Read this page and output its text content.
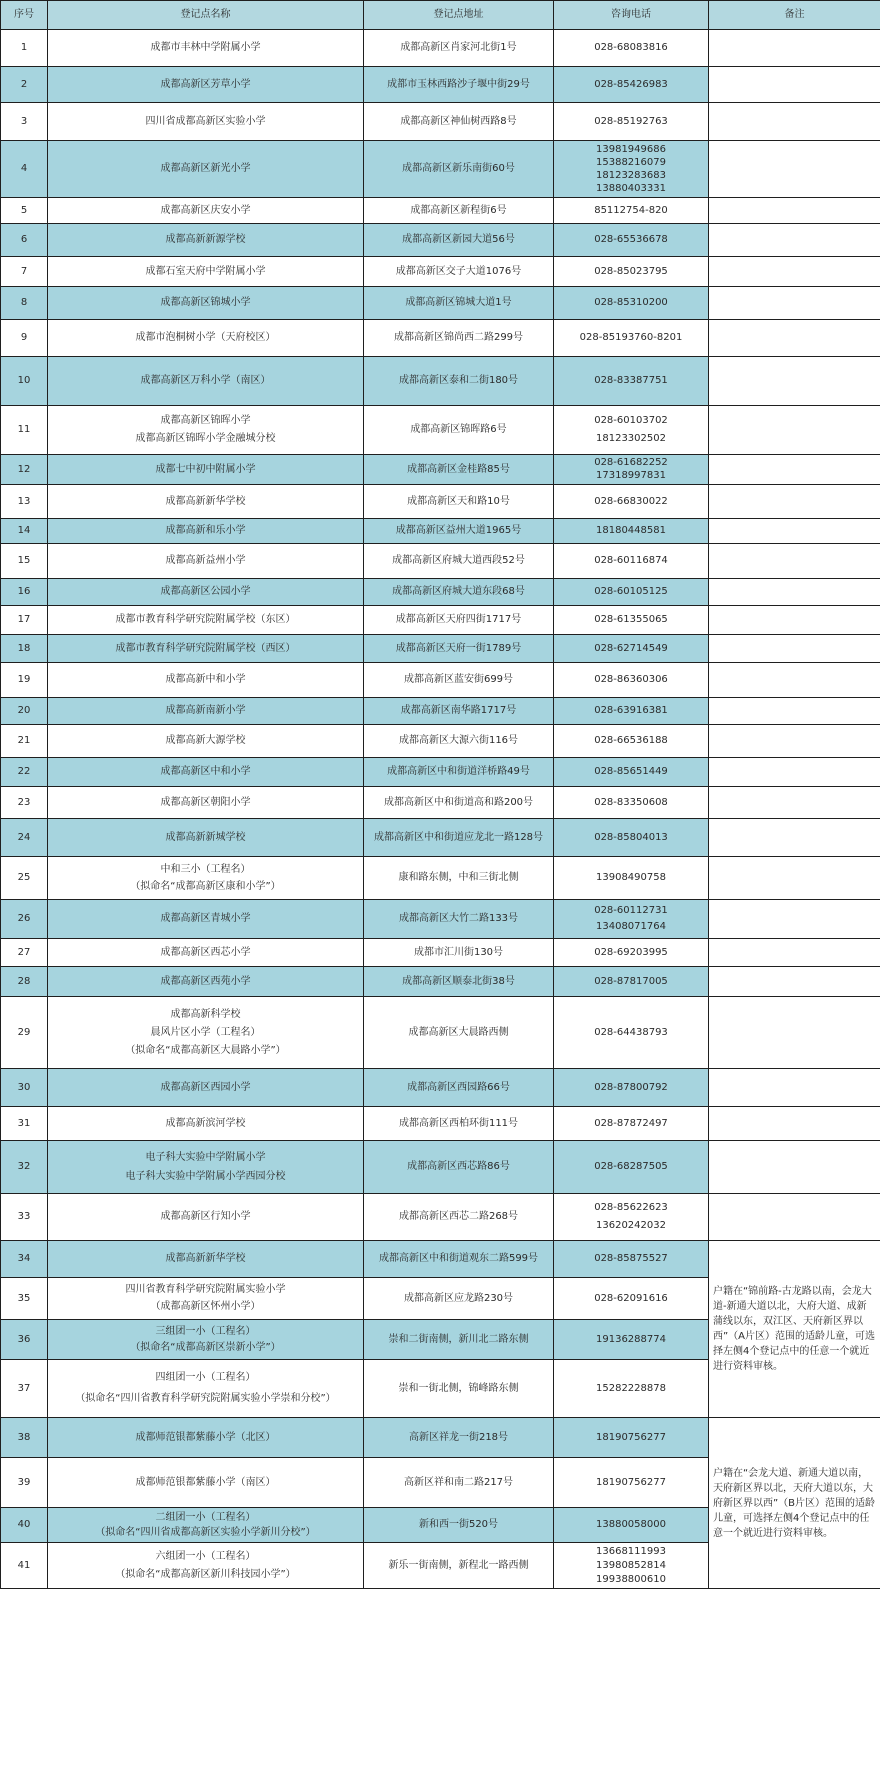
序号	登记点名称	登记点地址	咨询电话	备注
1	成都市丰林中学附属小学	成都高新区肖家河北街1号	028-68083816	

2	成都高新区芳草小学	成都市玉林西路沙子堰中街29号	028-85426983	

3	四川省成都高新区实验小学	成都高新区神仙树西路8号	028-85192763	

4	成都高新区新光小学	成都高新区新乐南街60号	13981949686
15388216079
18123283683
13880403331	

5	成都高新区庆安小学	成都高新区新程街6号	85112754-820	

6	成都高新新源学校	成都高新区新园大道56号	028-65536678	

7	成都石室天府中学附属小学	成都高新区交子大道1076号	028-85023795	

8	成都高新区锦城小学	成都高新区锦城大道1号	028-85310200	

9	成都市泡桐树小学（天府校区）	成都高新区锦尚西二路299号	028-85193760-8201	

10	成都高新区万科小学（南区）	成都高新区泰和二街180号	028-83387751	

11	成都高新区锦晖小学
成都高新区锦晖小学金融城分校	成都高新区锦晖路6号	028-60103702
18123302502	

12	成都七中初中附属小学	成都高新区金桂路85号	028-61682252
17318997831	

13	成都高新新华学校	成都高新区天和路10号	028-66830022	

14	成都高新和乐小学	成都高新区益州大道1965号	18180448581	

15	成都高新益州小学	成都高新区府城大道西段52号	028-60116874	

16	成都高新区公园小学	成都高新区府城大道东段68号	028-60105125	

17	成都市教育科学研究院附属学校（东区）	成都高新区天府四街1717号	028-61355065	

18	成都市教育科学研究院附属学校（西区）	成都高新区天府一街1789号	028-62714549	

19	成都高新中和小学	成都高新区蓝安街699号	028-86360306	

20	成都高新南新小学	成都高新区南华路1717号	028-63916381	

21	成都高新大源学校	成都高新区大源六街116号	028-66536188	

22	成都高新区中和小学	成都高新区中和街道洋桥路49号	028-85651449	

23	成都高新区朝阳小学	成都高新区中和街道高和路200号	028-83350608	

24	成都高新新城学校	成都高新区中和街道应龙北一路128号	028-85804013	

25	中和三小（工程名）
（拟命名“成都高新区康和小学”）	康和路东侧，中和三街北侧	13908490758	

26	成都高新区青城小学	成都高新区大竹二路133号	028-60112731
13408071764	

27	成都高新区西芯小学	成都市汇川街130号	028-69203995	

28	成都高新区西苑小学	成都高新区顺泰北街38号	028-87817005	

29	成都高新科学校
晨风片区小学（工程名）
（拟命名“成都高新区大晨路小学”）	成都高新区大晨路西侧	028-64438793	

30	成都高新区西园小学	成都高新区西园路66号	028-87800792	

31	成都高新滨河学校	成都高新区西柏环街111号	028-87872497	

32	电子科大实验中学附属小学
电子科大实验中学附属小学西园分校	成都高新区西芯路86号	028-68287505	

33	成都高新区行知小学	成都高新区西芯二路268号	028-85622623
13620242032	

34	成都高新新华学校	成都高新区中和街道观东二路599号	028-85875527	户籍在“锦前路-古龙路以南，会龙大道-新通大道以北，大府大道、成新蒲线以东，双江区、天府新区界以西”（A片区）范围的适龄儿童，可选择左侧4个登记点中的任意一个就近进行资料审核。
35	四川省教育科学研究院附属实验小学
（成都高新区怀州小学）	成都高新区应龙路230号	028-62091616	

36	三组团一小（工程名）
（拟命名“成都高新区崇新小学”）	崇和二街南侧，新川北二路东侧	19136288774	

37	四组团一小（工程名）
（拟命名“四川省教育科学研究院附属实验小学崇和分校”）	崇和一街北侧，锦峰路东侧	15282228878	

38	成都师范银都紫藤小学（北区）	高新区祥龙一街218号	18190756277	户籍在“会龙大道、新通大道以南，天府新区界以北，天府大道以东，大府新区界以西”（B片区）范围的适龄儿童，可选择左侧4个登记点中的任意一个就近进行资料审核。
39	成都师范银都紫藤小学（南区）	高新区祥和南二路217号	18190756277	

40	二组团一小（工程名）
（拟命名“四川省成都高新区实验小学新川分校”）	新和西一街520号	13880058000	

41	六组团一小（工程名）
（拟命名“成都高新区新川科技园小学”）	新乐一街南侧，新程北一路西侧	13668111993
13980852814
19938800610	
